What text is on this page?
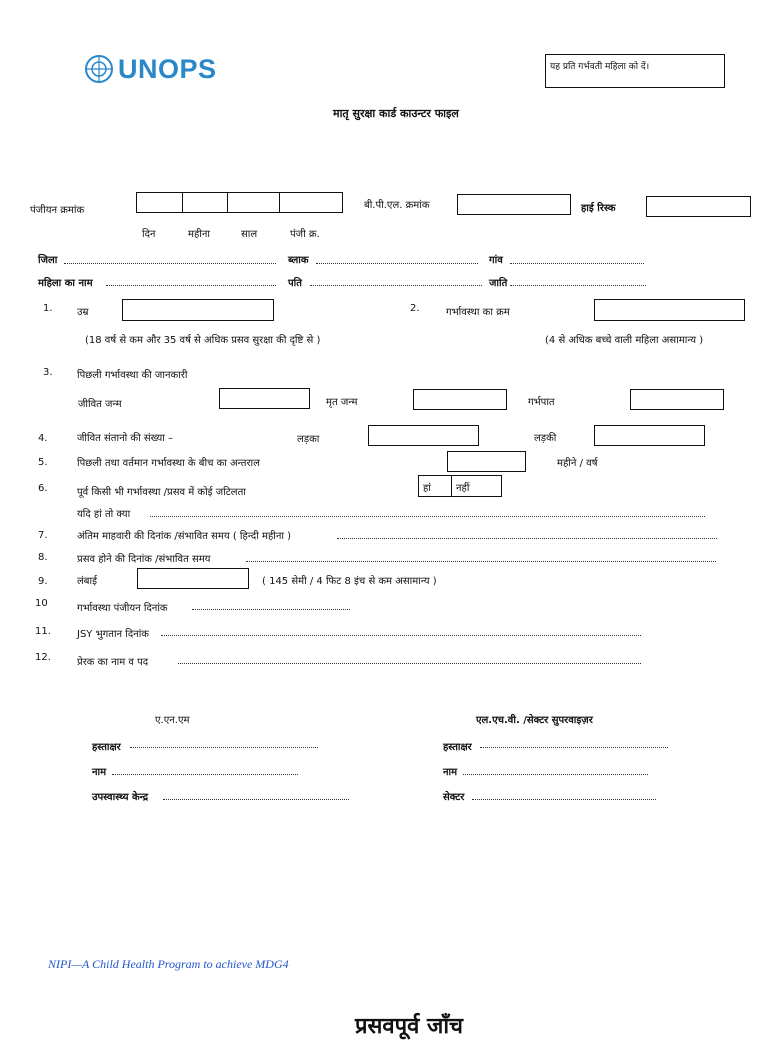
UNOPS	यह प्रति गर्भवती महिला को दें।
मातृ सुरक्षा कार्ड काउन्टर फाइल
पंजीयन क्रमांक
दिन	महीना	साल	पंजी क्र.
बी.पी.एल. क्रमांक	हाई रिस्क
जिला	ब्लाक	गांव
महिला का नाम	पति	जाति
1. उम्र
(18 वर्ष से कम और 35 वर्ष से अधिक प्रसव सुरक्षा की दृष्टि से )
2.	गर्भावस्था का क्रम
(4 से अधिक बच्चे वाली महिला असामान्य )
3. पिछली गर्भावस्था की जानकारी
जीवित जन्म	मृत जन्म	गर्भपात
4.	जीवित संतानो की संख्या –	लड़का	लड़की
5.	पिछली तथा वर्तमान गर्भावस्था के बीच का अन्तराल	महीने / वर्ष
6.	पूर्व किसी भी गर्भावस्था /प्रसव में कोई जटिलता	हां	नहीं
यदि हां तो क्या
7.	अंतिम माहवारी की दिनांक /संभावित समय ( हिन्दी महीना )
8.	प्रसव होने की दिनांक /संभावित समय
9.	लंबाई	( 145 सेमी / 4 फिट 8 इंच से कम असामान्य )
10	गर्भावस्था पंजीयन दिनांक
11.	JSY भुगतान दिनांक
12.	प्रेरक का नाम व पद
ए.एन.एम	एल.एच.वी. /सेक्टर सुपरवाइज़र
हस्ताक्षर
नाम
उपस्वास्थ्य केन्द्र
हस्ताक्षर
नाम
सेक्टर
NIPI—A Child Health Program to achieve MDG4
प्रसवपूर्व जाँच
